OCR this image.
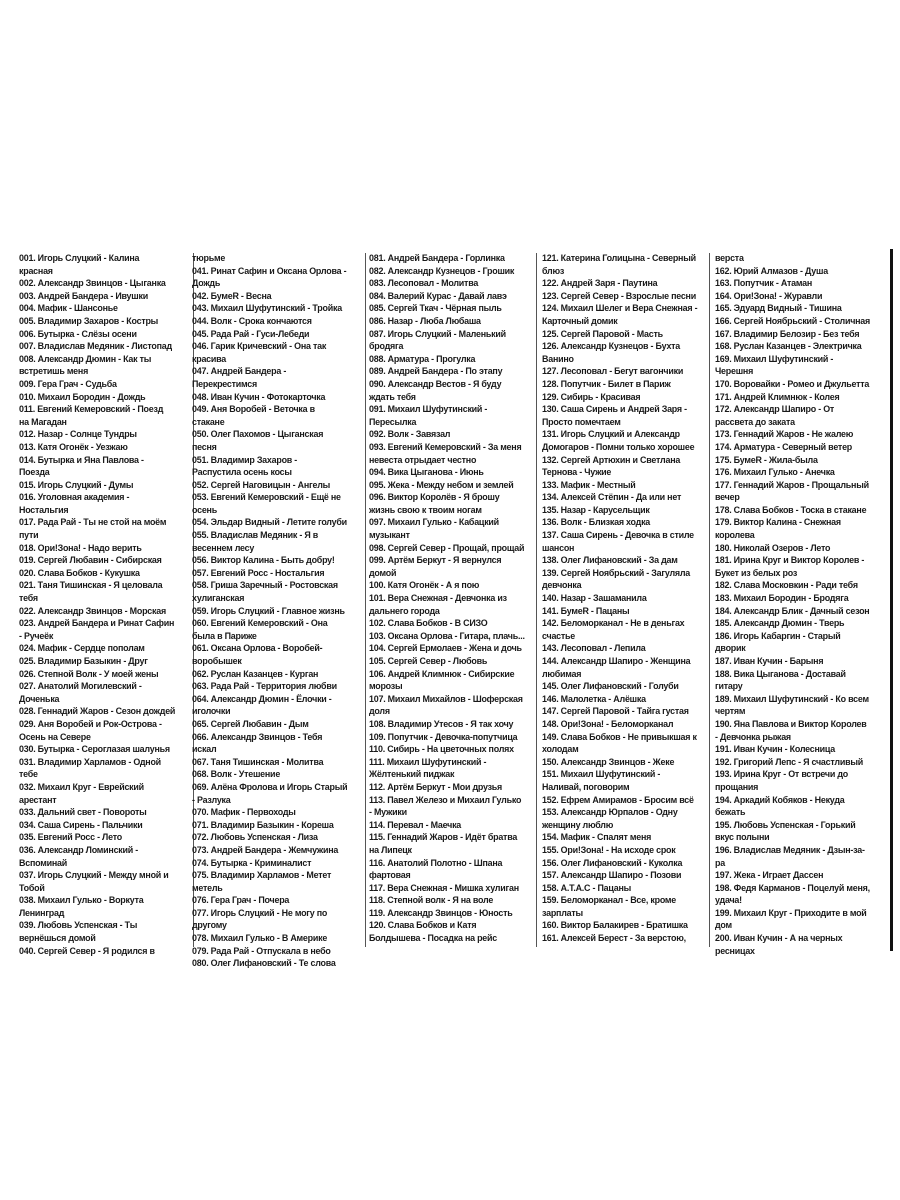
001. Игорь Слуцкий - Калина красная
002. Александр Звинцов - Цыганка
003. Андрей Бандера - Ивушки
004. Мафик - Шансонье
005. Владимир Захаров - Костры
006. Бутырка - Слёзы осени
007. Владислав Медяник - Листопад
008. Александр Дюмин - Как ты встретишь меня
009. Гера Грач - Судьба
010. Михаил Бородин - Дождь
011. Евгений Кемеровский - Поезд на Магадан
012. Назар - Солнце Тундры
013. Катя Огонёк - Уезжаю
014. Бутырка и Яна Павлова - Поезда
015. Игорь Слуцкий - Думы
016. Уголовная академия - Ностальгия
017. Рада Рай - Ты не стой на моём пути
018. Ори!Зона! - Надо верить
019. Сергей Любавин - Сибирская
020. Слава Бобков - Кукушка
021. Таня Тишинская - Я целовала тебя
022. Александр Звинцов - Морская
023. Андрей Бандера и Ринат Сафин - Ручеёк
024. Мафик - Сердце пополам
025. Владимир Базыкин - Друг
026. Степной Волк - У моей жены
027. Анатолий Могилевский - Доченька
028. Геннадий Жаров - Сезон дождей
029. Аня Воробей и Рок-Острова - Осень на Севере
030. Бутырка - Сероглазая шалунья
031. Владимир Харламов - Одной тебе
032. Михаил Круг - Еврейский арестант
033. Дальний свет - Повороты
034. Саша Сирень - Пальчики
035. Евгений Росс - Лето
036. Александр Ломинский - Вспоминай
037. Игорь Слуцкий - Между мной и Тобой
038. Михаил Гулько - Воркута Ленинград
039. Любовь Успенская - Ты вернёшься домой
040. Сергей Север - Я родился в
тюрьме
041. Ринат Сафин и Оксана Орлова - Дождь
042. БумеR - Весна
043. Михаил Шуфутинский - Тройка
044. Волк - Срока кончаются
045. Рада Рай - Гуси-Лебеди
046. Гарик Кричевский - Она так красива
047. Андрей Бандера - Перекрестимся
048. Иван Кучин - Фотокарточка
049. Аня Воробей - Веточка в стакане
050. Олег Пахомов - Цыганская песня
051. Владимир Захаров - Распустила осень косы
052. Сергей Наговицын - Ангелы
053. Евгений Кемеровский - Ещё не осень
054. Эльдар Видный - Летите голуби
055. Владислав Медяник - Я в весеннем лесу
056. Виктор Калина - Быть добру!
057. Евгений Росс - Ностальгия
058. Гриша Заречный - Ростовская хулиганская
059. Игорь Слуцкий - Главное жизнь
060. Евгений Кемеровский - Она была в Париже
061. Оксана Орлова - Воробей-воробышек
062. Руслан Казанцев - Курган
063. Рада Рай - Территория любви
064. Александр Дюмин - Ёлочки - иголочки
065. Сергей Любавин - Дым
066. Александр Звинцов - Тебя искал
067. Таня Тишинская - Молитва
068. Волк - Утешение
069. Алёна Фролова и Игорь Старый - Разлука
070. Мафик - Первоходы
071. Владимир Базыкин - Кореша
072. Любовь Успенская - Лиза
073. Андрей Бандера - Жемчужина
074. Бутырка - Криминалист
075. Владимир Харламов - Метет метель
076. Гера Грач - Почера
077. Игорь Слуцкий - Не могу по другому
078. Михаил Гулько - В Америке
079. Рада Рай - Отпускала в небо
080. Олег Лифановский - Те слова
081. Андрей Бандера - Горлинка
082. Александр Кузнецов - Грошик
083. Лесоповал - Молитва
084. Валерий Курас - Давай лавэ
085. Сергей Ткач - Чёрная пыль
086. Назар - Люба Любаша
087. Игорь Слуцкий - Маленький бродяга
088. Арматура - Прогулка
089. Андрей Бандера - По этапу
090. Александр Вестов - Я буду ждать тебя
091. Михаил Шуфутинский - Пересылка
092. Волк - Завязал
093. Евгений Кемеровский - За меня невеста отрыдает честно
094. Вика Цыганова - Июнь
095. Жека - Между небом и землей
096. Виктор Королёв - Я брошу жизнь свою к твоим ногам
097. Михаил Гулько - Кабацкий музыкант
098. Сергей Север - Прощай, прощай
099. Артём Беркут - Я вернулся домой
100. Катя Огонёк - А я пою
101. Вера Снежная - Девчонка из дальнего города
102. Слава Бобков - В СИЗО
103. Оксана Орлова - Гитара, плачь...
104. Сергей Ермолаев - Жена и дочь
105. Сергей Север - Любовь
106. Андрей Климнюк - Сибирские морозы
107. Михаил Михайлов - Шоферская доля
108. Владимир Утесов - Я так хочу
109. Попутчик - Девочка-попутчица
110. Сибирь - На цветочных полях
111. Михаил Шуфутинский - Жёлтенький пиджак
112. Артём Беркут - Мои друзья
113. Павел Железо и Михаил Гулько - Мужики
114. Перевал - Маечка
115. Геннадий Жаров - Идёт братва на Липецк
116. Анатолий Полотно - Шпана фартовая
117. Вера Снежная - Мишка хулиган
118. Степной волк - Я на воле
119. Александр Звинцов - Юность
120. Слава Бобков и Катя Болдышева - Посадка на рейс
121. Катерина Голицына - Северный блюз
122. Андрей Заря - Паутина
123. Сергей Север - Взрослые песни
124. Михаил Шелег и Вера Снежная - Карточный домик
125. Сергей Паровой - Масть
126. Александр Кузнецов - Бухта Ванино
127. Лесоповал - Бегут вагончики
128. Попутчик - Билет в Париж
129. Сибирь - Красивая
130. Саша Сирень и Андрей Заря - Просто помечтаем
131. Игорь Слуцкий и Александр Домогаров - Помни только хорошее
132. Сергей Артюхин и Светлана Тернова - Чужие
133. Мафик - Местный
134. Алексей Стёпин - Да или нет
135. Назар - Карусельщик
136. Волк - Близкая ходка
137. Саша Сирень - Девочка в стиле шансон
138. Олег Лифановский - За дам
139. Сергей Ноябрьский - Загуляла девчонка
140. Назар - Зашаманила
141. БумеR - Пацаны
142. Беломорканал - Не в деньгах счастье
143. Лесоповал - Лепила
144. Александр Шапиро - Женщина любимая
145. Олег Лифановский - Голуби
146. Малолетка - Алёшка
147. Сергей Паровой - Тайга густая
148. Ори!Зона! - Беломорканал
149. Слава Бобков - Не привыкшая к холодам
150. Александр Звинцов - Жеке
151. Михаил Шуфутинский - Наливай, поговорим
152. Ефрем Амирамов - Бросим всё
153. Александр Юрпалов - Одну женщину люблю
154. Мафик - Спалят меня
155. Ори!Зона! - На исходе срок
156. Олег Лифановский - Куколка
157. Александр Шапиро - Позови
158. А.Т.А.С - Пацаны
159. Беломорканал - Все, кроме зарплаты
160. Виктор Балакирев - Братишка
161. Алексей Берест - За верстою,
верста
162. Юрий Алмазов - Душа
163. Попутчик - Атаман
164. Ори!Зона! - Журавли
165. Эдуард Видный - Тишина
166. Сергей Ноябрьский - Столичная
167. Владимир Белозир - Без тебя
168. Руслан Казанцев - Электричка
169. Михаил Шуфутинский - Черешня
170. Воровайки - Ромео и Джульетта
171. Андрей Климнюк - Колея
172. Александр Шапиро - От рассвета до заката
173. Геннадий Жаров - Не жалею
174. Арматура - Северный ветер
175. БумеR - Жила-была
176. Михаил Гулько - Анечка
177. Геннадий Жаров - Прощальный вечер
178. Слава Бобков - Тоска в стакане
179. Виктор Калина - Снежная королева
180. Николай Озеров - Лето
181. Ирина Круг и Виктор Королев - Букет из белых роз
182. Слава Московкин - Ради тебя
183. Михаил Бородин - Бродяга
184. Александр Блик - Дачный сезон
185. Александр Дюмин - Тверь
186. Игорь Кабаргин - Старый дворик
187. Иван Кучин - Барыня
188. Вика Цыганова - Доставай гитару
189. Михаил Шуфутинский - Ко всем чертям
190. Яна Павлова и Виктор Королев - Девчонка рыжая
191. Иван Кучин - Колесница
192. Григорий Лепс - Я счастливый
193. Ирина Круг - От встречи до прощания
194. Аркадий Кобяков - Некуда бежать
195. Любовь Успенская - Горький вкус полыни
196. Владислав Медяник - Дзын-за-ра
197. Жека - Играет Дассен
198. Федя Карманов - Поцелуй меня, удача!
199. Михаил Круг - Приходите в мой дом
200. Иван Кучин - А на черных ресницах
